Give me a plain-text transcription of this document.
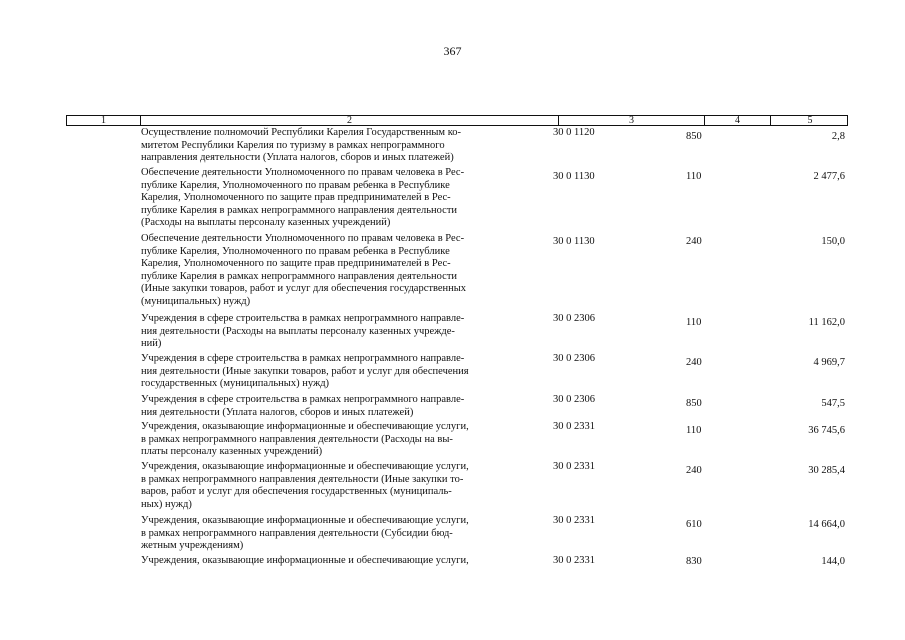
367
1	2	3	4	5
Осуществление полномочий Республики Карелия Государственным ко-
митетом Республики Карелия по туризму в рамках непрограммного
направления деятельности (Уплата налогов, сборов и иных платежей)
30 0 1120	850	2,8
Обеспечение деятельности Уполномоченного по правам человека в Рес-
публике Карелия, Уполномоченного по правам ребенка в Республике
Карелия, Уполномоченного по защите прав предпринимателей в Рес-
публике Карелия в рамках непрограммного направления деятельности
(Расходы на выплаты персоналу казенных учреждений)
30 0 1130	110	2 477,6
Обеспечение деятельности Уполномоченного по правам человека в Рес-
публике Карелия, Уполномоченного по правам ребенка в Республике
Карелия, Уполномоченного по защите прав предпринимателей в Рес-
публике Карелия в рамках непрограммного направления деятельности
(Иные закупки товаров, работ и услуг для обеспечения государственных
(муниципальных) нужд)
30 0 1130	240	150,0
Учреждения в сфере строительства в рамках непрограммного направле-
ния деятельности (Расходы на выплаты персоналу казенных учрежде-
ний)
30 0 2306	110	11 162,0
Учреждения в сфере строительства в рамках непрограммного направле-
ния деятельности (Иные закупки товаров, работ и услуг для обеспечения
государственных (муниципальных) нужд)
30 0 2306	240	4 969,7
Учреждения в сфере строительства в рамках непрограммного направле-
ния деятельности (Уплата налогов, сборов и иных платежей)
30 0 2306	850	547,5
Учреждения, оказывающие информационные и обеспечивающие услуги,
в рамках непрограммного направления деятельности (Расходы на вы-
платы персоналу казенных учреждений)
30 0 2331	110	36 745,6
Учреждения, оказывающие информационные и обеспечивающие услуги,
в рамках непрограммного направления деятельности (Иные закупки то-
варов, работ и услуг для обеспечения государственных (муниципаль-
ных) нужд)
30 0 2331	240	30 285,4
Учреждения, оказывающие информационные и обеспечивающие услуги,
в рамках непрограммного направления деятельности (Субсидии бюд-
жетным учреждениям)
30 0 2331	610	14 664,0
Учреждения, оказывающие информационные и обеспечивающие услуги,	30 0 2331	830	144,0
